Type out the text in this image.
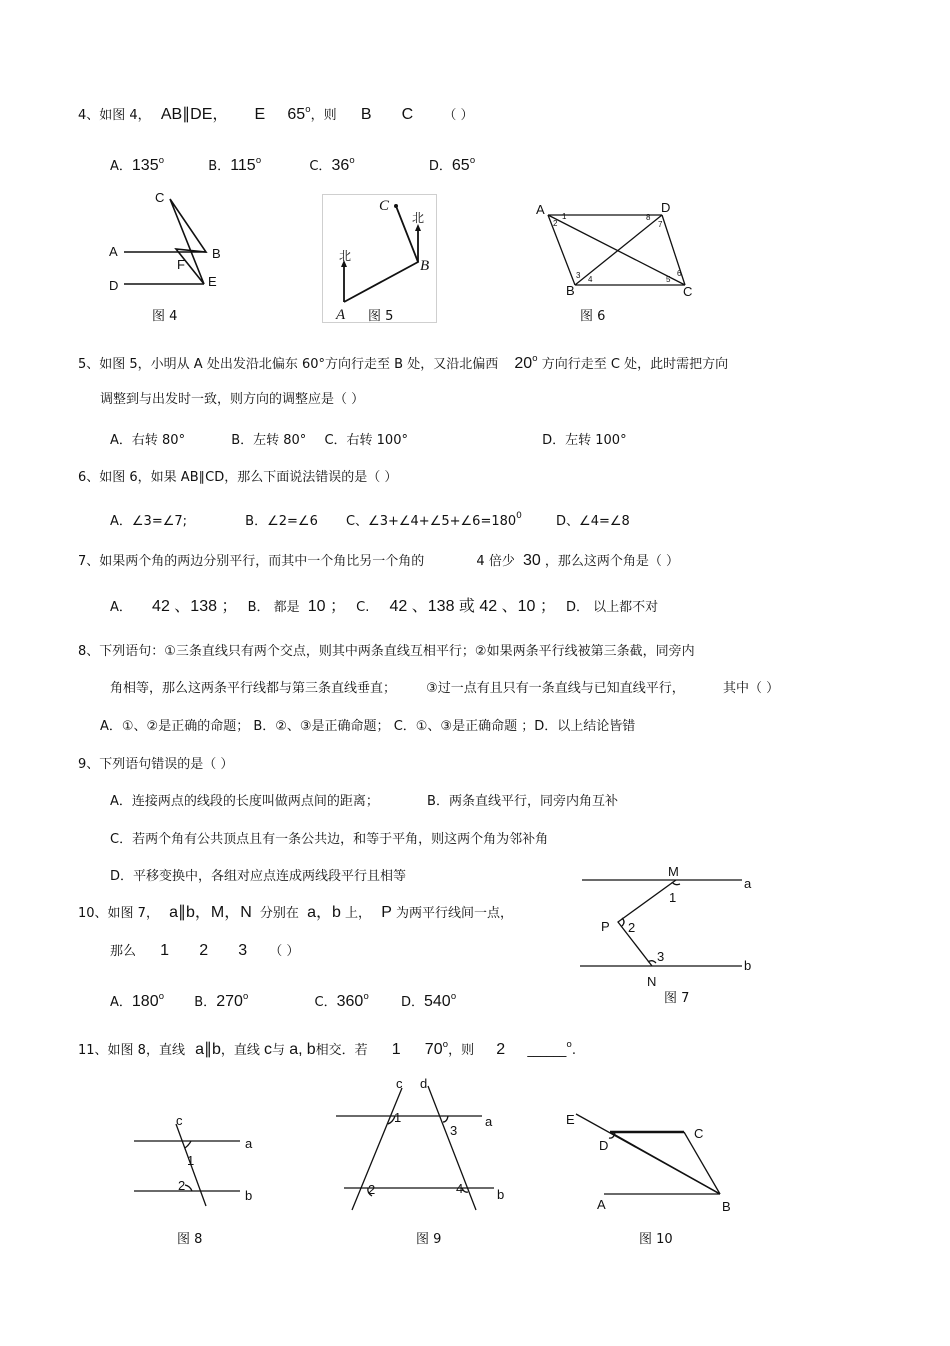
4、如图 4， AB∥DE， E 65$^o$，则 B C （ ）
A．135$^o$	B．115$^o$	C．36$^o$	D．65$^o$
C
A	B
F
D	E
图 4
北
北
C
B
A 图 5
A	D
B	C
1
2
3 4	5
6
7
8
图 6
5、如图 5，小明从 A 处出发沿北偏东 60°方向行走至 B 处，又沿北偏西 20$^o$ 方向行走至 C 处，此时需把方向
调整到与出发时一致，则方向的调整应是（ ）
A．右转 80°	B．左转 80° C．右转 100°	D．左转 100°
6、如图 6，如果 AB∥CD，那么下面说法错误的是（ ）
A．∠3=∠7;	B．∠2=∠6 C、$\angle 3+\angle 4+\angle 5+\angle 6=180^0$	D、∠4=∠8
7、如果两个角的两边分别平行，而其中一个角比另一个角的	4 倍少 30 ，那么这两个角是（ ）
A． 42 、138 ； B． 都是 10 ； C. 42 、138 或 42 、10 ； D． 以上都不对
8、下列语句：①三条直线只有两个交点，则其中两条直线互相平行；②如果两条平行线被第三条截，同旁内
角相等，那么这两条平行线都与第三条直线垂直； ③过一点有且只有一条直线与已知直线平行，	其中（ ）
A．①、②是正确的命题； B．②、③是正确命题； C．①、③是正确命题 ；D．以上结论皆错
9、下列语句错误的是（ ）
A．连接两点的线段的长度叫做两点间的距离；	B．两条直线平行，同旁内角互补
C．若两个角有公共顶点且有一条公共边，和等于平角，则这两个角为邻补角
D．平移变换中，各组对应点连成两线段平行且相等	M
a
1
P 2
3
N
b
图 7
10、如图 7， a∥b，M，N 分别在 a，b 上， P 为两平行线间一点，
那么 1 2 3 （ ）
A．180$^o$ B．270$^o$	C．360$^o$ D．540$^o$
11、如图 8，直线 a∥b，直线 c与 a, b相交．若 1 70$^o$，则 2 ______$^o$.
c
a
1
2
b
图 8
c d
1
3
a
2	4	b
图 9
E
C
D
A	B
图 10
